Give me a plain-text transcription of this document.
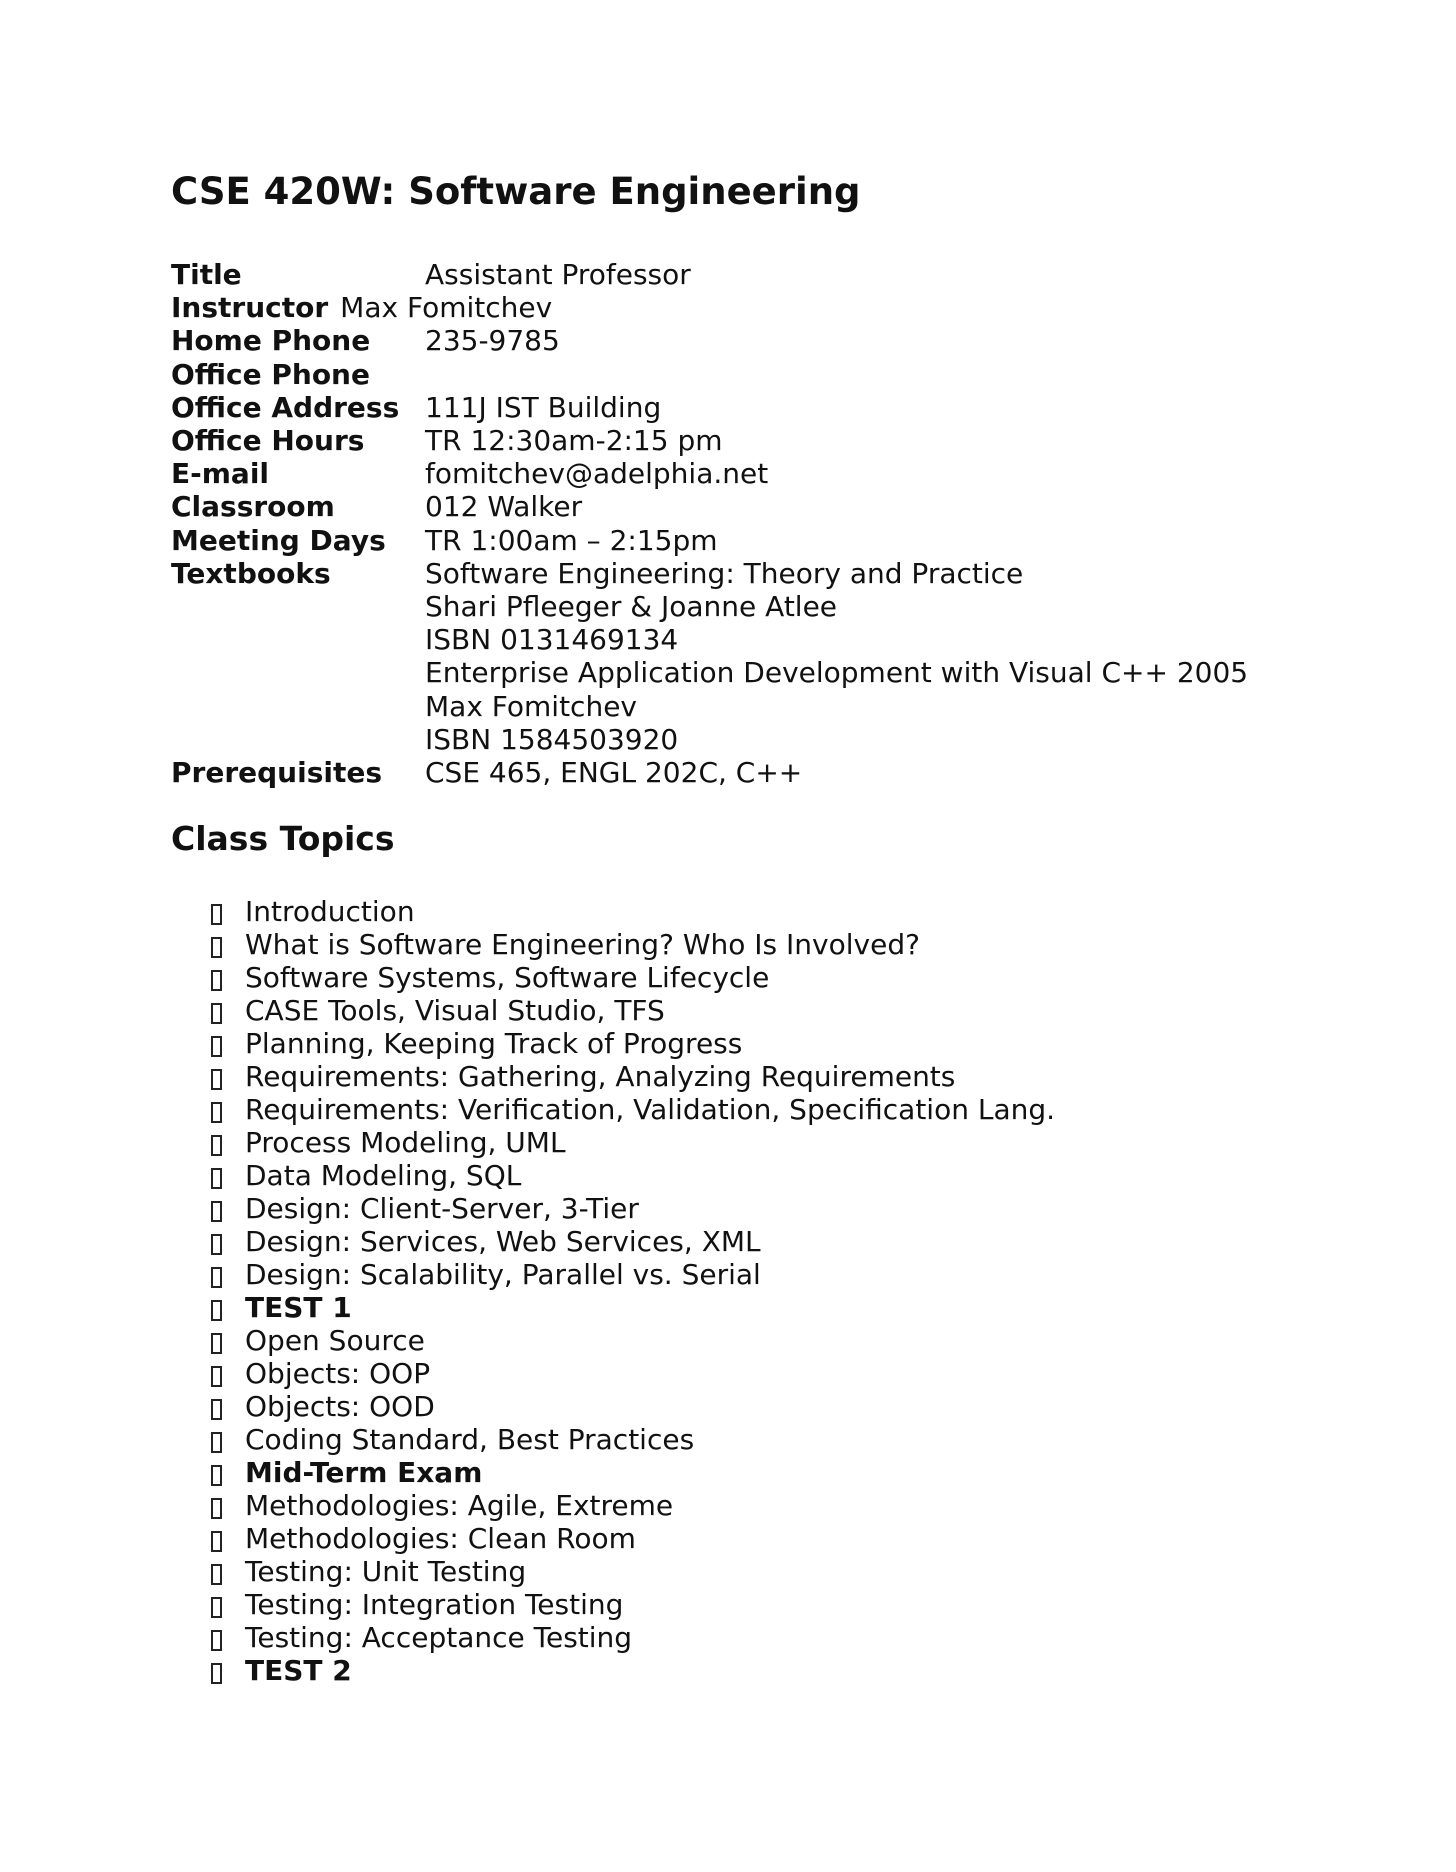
CSE 420W: Software Engineering
Title	Assistant Professor
Instructor Max Fomitchev
Home Phone 235-9785
Office Phone
Office Address 111J IST Building
Office Hours TR 12:30am-2:15 pm
E-mail	fomitchev@adelphia.net
Classroom	012 Walker
Meeting Days TR 1:00am – 2:15pm
Textbooks	Software Engineering: Theory and Practice
Shari Pfleeger & Joanne Atlee
ISBN 0131469134
Enterprise Application Development with Visual C++ 2005
Max Fomitchev
ISBN 1584503920
Prerequisites CSE 465, ENGL 202C, C++
Class Topics
Introduction
What is Software Engineering? Who Is Involved?
Software Systems, Software Lifecycle
CASE Tools, Visual Studio, TFS
Planning, Keeping Track of Progress
Requirements: Gathering, Analyzing Requirements
Requirements: Verification, Validation, Specification Lang.
Process Modeling, UML
Data Modeling, SQL
Design: Client-Server, 3-Tier
Design: Services, Web Services, XML
Design: Scalability, Parallel vs. Serial
TEST 1
Open Source
Objects: OOP
Objects: OOD
Coding Standard, Best Practices
Mid-Term Exam
Methodologies: Agile, Extreme
Methodologies: Clean Room
Testing: Unit Testing
Testing: Integration Testing
Testing: Acceptance Testing
TEST 2
